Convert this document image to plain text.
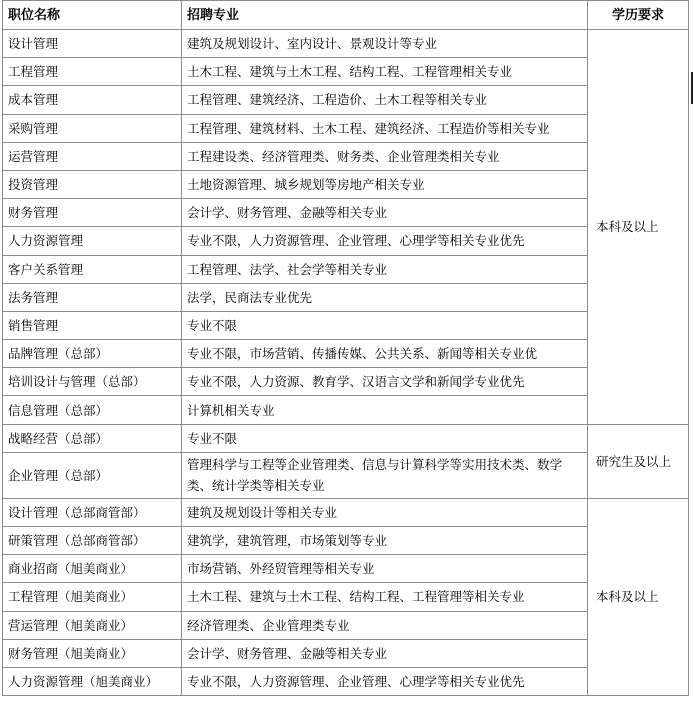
职位名称	招聘专业	学历要求
设计管理	建筑及规划设计、室内设计、景观设计等专业	本科及以上
工程管理	土木工程、建筑与土木工程、结构工程、工程管理相关专业	
成本管理	工程管理、建筑经济、工程造价、土木工程等相关专业	
采购管理	工程管理、建筑材料、土木工程、建筑经济、工程造价等相关专业	
运营管理	工程建设类、经济管理类、财务类、企业管理类相关专业	
投资管理	土地资源管理、城乡规划等房地产相关专业	
财务管理	会计学、财务管理、金融等相关专业	
人力资源管理	专业不限，人力资源管理、企业管理、心理学等相关专业优先	
客户关系管理	工程管理、法学、社会学等相关专业	
法务管理	法学，民商法专业优先	
销售管理	专业不限	
品牌管理（总部）	专业不限，市场营销、传播传媒、公共关系、新闻等相关专业优	
培训设计与管理（总部）	专业不限，人力资源、教育学、汉语言文学和新闻学专业优先	
信息管理（总部）	计算机相关专业	
战略经营（总部）	专业不限	研究生及以上
企业管理（总部）	管理科学与工程等企业管理类、信息与计算科学等实用技术类、数学类、统计学类等相关专业	
设计管理（总部商管部）	建筑及规划设计等相关专业	本科及以上
研策管理（总部商管部）	建筑学，建筑管理，市场策划等专业	
商业招商（旭美商业）	市场营销、外经贸管理等相关专业	
工程管理（旭美商业）	土木工程、建筑与土木工程、结构工程、工程管理等相关专业	
营运管理（旭美商业）	经济管理类、企业管理类专业	
财务管理（旭美商业）	会计学、财务管理、金融等相关专业	
人力资源管理（旭美商业）	专业不限，人力资源管理、企业管理、心理学等相关专业优先	
